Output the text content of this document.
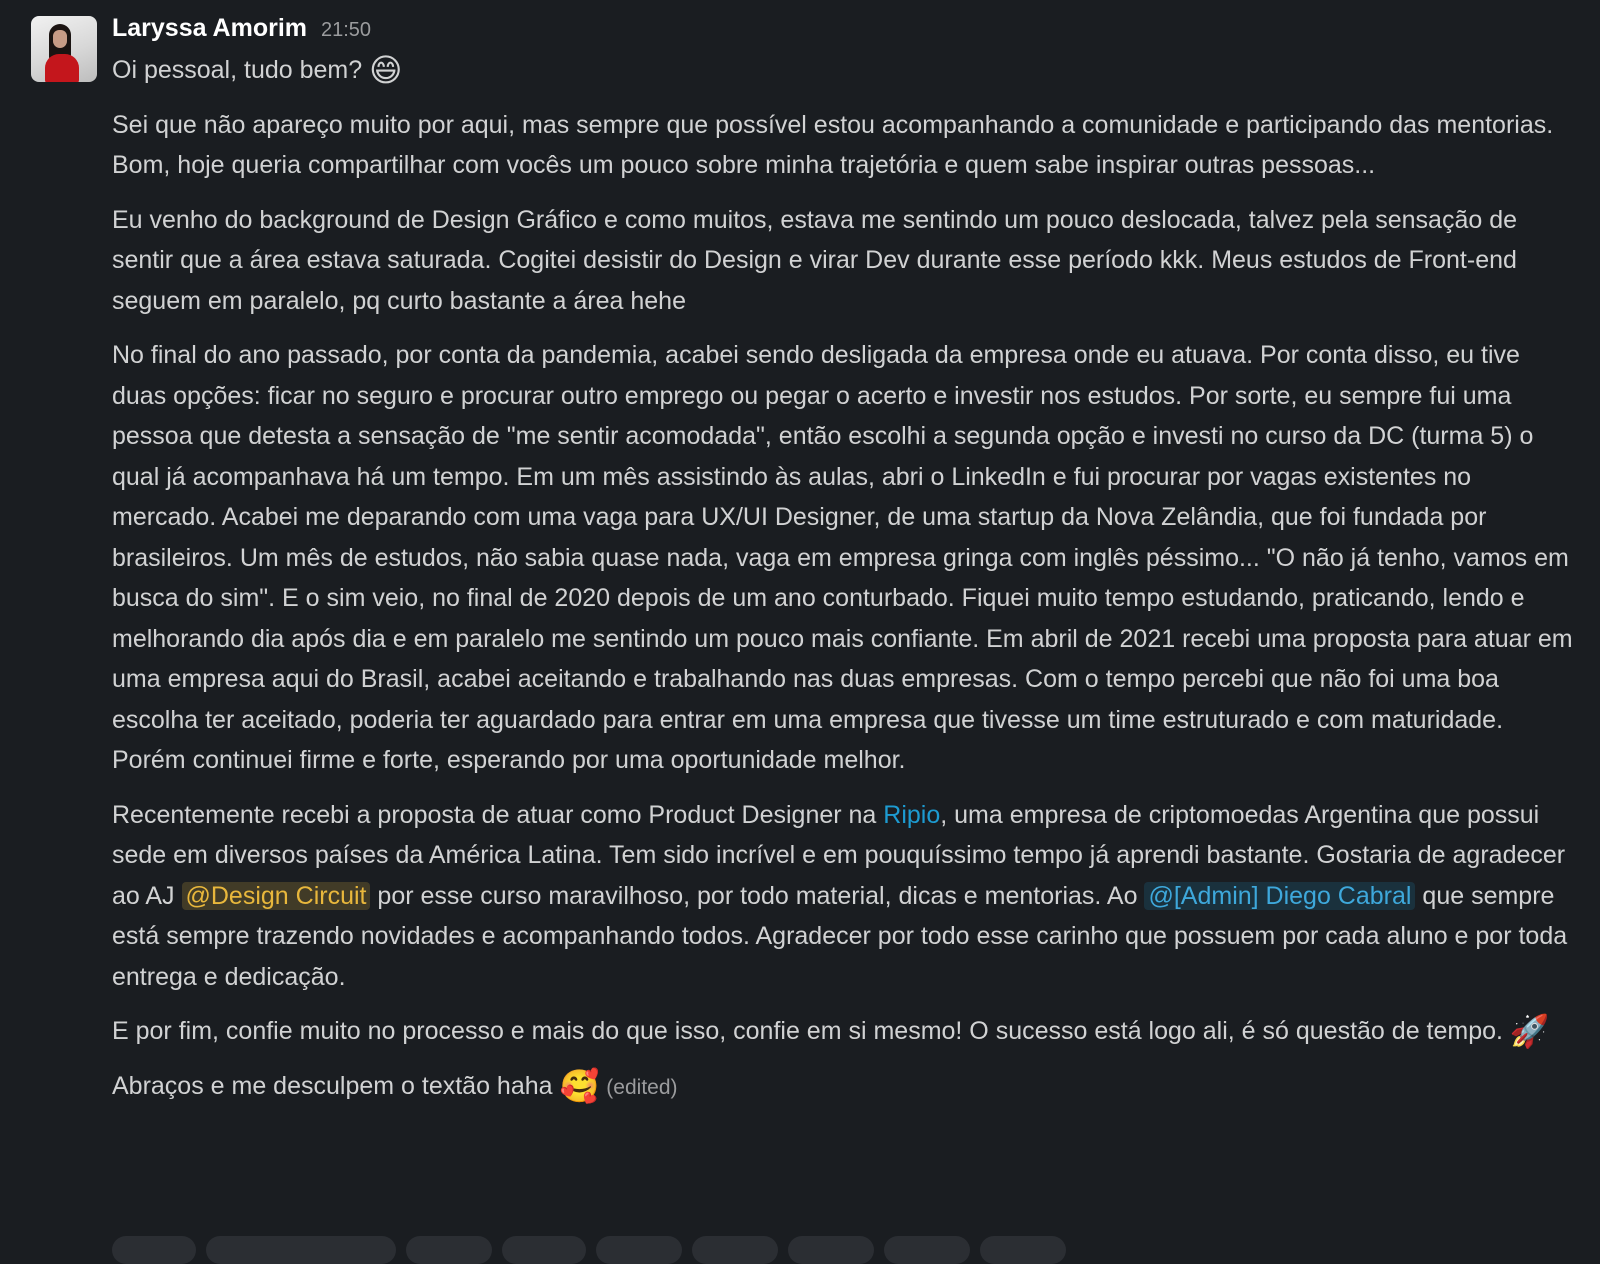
Laryssa Amorim 21:50

Oi pessoal, tudo bem? 😄

Sei que não apareço muito por aqui, mas sempre que possível estou acompanhando a comunidade e participando das mentorias. Bom, hoje queria compartilhar com vocês um pouco sobre minha trajetória e quem sabe inspirar outras pessoas...

Eu venho do background de Design Gráfico e como muitos, estava me sentindo um pouco deslocada, talvez pela sensação de sentir que a área estava saturada. Cogitei desistir do Design e virar Dev durante esse período kkk. Meus estudos de Front-end seguem em paralelo, pq curto bastante a área hehe

No final do ano passado, por conta da pandemia, acabei sendo desligada da empresa onde eu atuava. Por conta disso, eu tive duas opções: ficar no seguro e procurar outro emprego ou pegar o acerto e investir nos estudos. Por sorte, eu sempre fui uma pessoa que detesta a sensação de "me sentir acomodada", então escolhi a segunda opção e investi no curso da DC (turma 5) o qual já acompanhava há um tempo. Em um mês assistindo às aulas, abri o LinkedIn e fui procurar por vagas existentes no mercado. Acabei me deparando com uma vaga para UX/UI Designer, de uma startup da Nova Zelândia, que foi fundada por brasileiros. Um mês de estudos, não sabia quase nada, vaga em empresa gringa com inglês péssimo... "O não já tenho, vamos em busca do sim". E o sim veio, no final de 2020 depois de um ano conturbado. Fiquei muito tempo estudando, praticando, lendo e melhorando dia após dia e em paralelo me sentindo um pouco mais confiante. Em abril de 2021 recebi uma proposta para atuar em uma empresa aqui do Brasil, acabei aceitando e trabalhando nas duas empresas. Com o tempo percebi que não foi uma boa escolha ter aceitado, poderia ter aguardado para entrar em uma empresa que tivesse um time estruturado e com maturidade. Porém continuei firme e forte, esperando por uma oportunidade melhor.

Recentemente recebi a proposta de atuar como Product Designer na Ripio, uma empresa de criptomoedas Argentina que possui sede em diversos países da América Latina. Tem sido incrível e em pouquíssimo tempo já aprendi bastante. Gostaria de agradecer ao AJ @Design Circuit por esse curso maravilhoso, por todo material, dicas e mentorias. Ao @[Admin] Diego Cabral que sempre está sempre trazendo novidades e acompanhando todos. Agradecer por todo esse carinho que possuem por cada aluno e por toda entrega e dedicação.

E por fim, confie muito no processo e mais do que isso, confie em si mesmo! O sucesso está logo ali, é só questão de tempo. 🚀

Abraços e me desculpem o textão haha 🥰 (edited)
